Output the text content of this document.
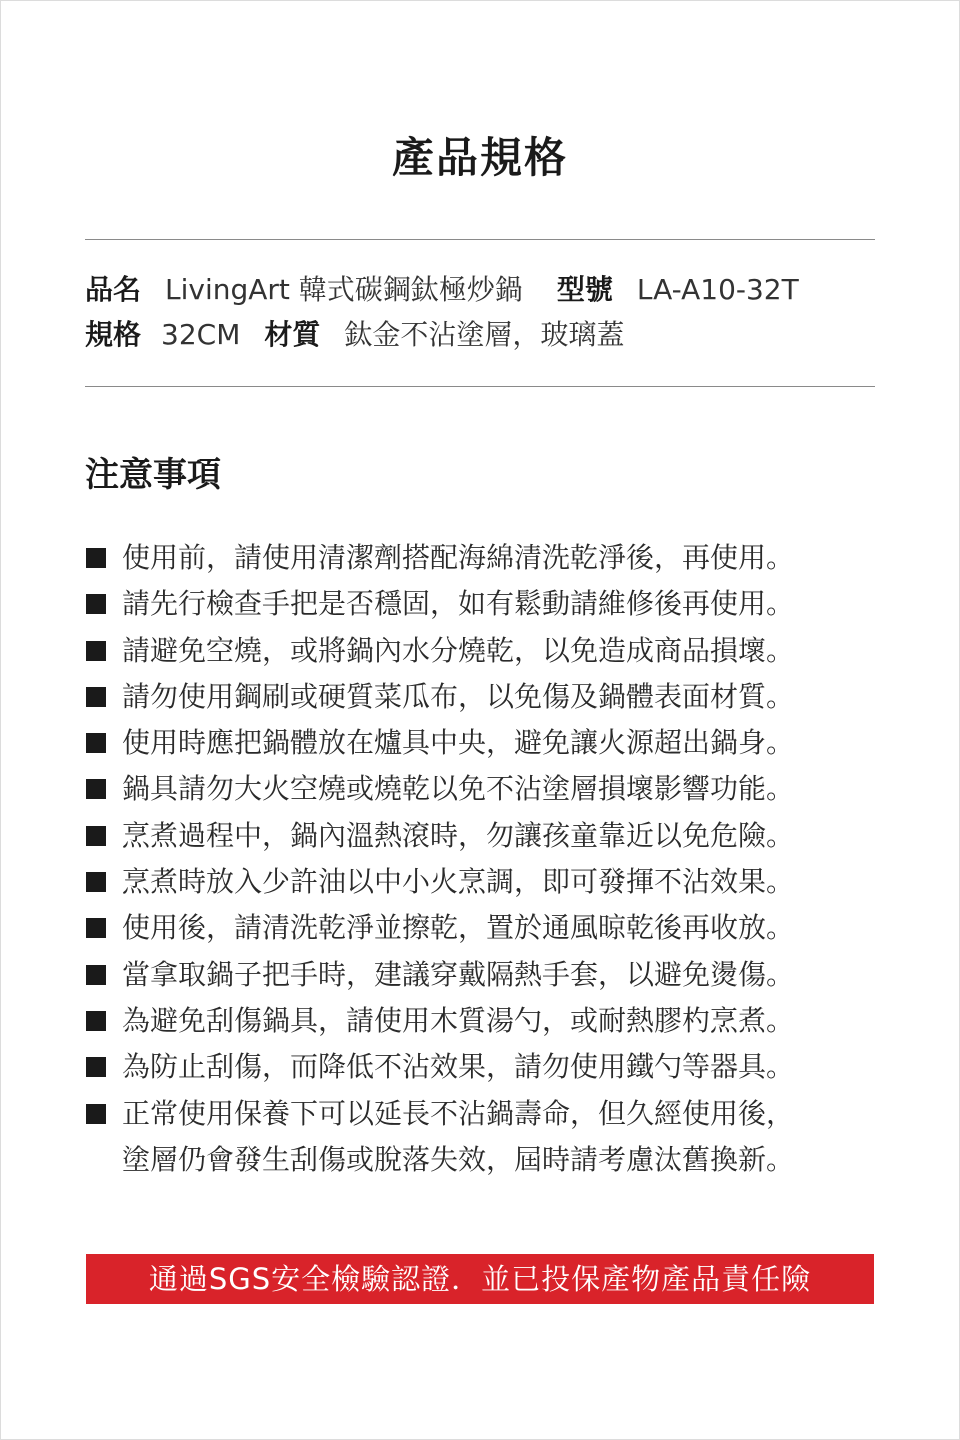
產品規格
品名 LivingArt 韓式碳鋼鈦極炒鍋 型號 LA-A10-32T
規格 32CM 材質 鈦金不沾塗層，玻璃蓋
注意事項
使用前，請使用清潔劑搭配海綿清洗乾淨後，再使用。
請先行檢查手把是否穩固，如有鬆動請維修後再使用。
請避免空燒，或將鍋內水分燒乾，以免造成商品損壞。
請勿使用鋼刷或硬質菜瓜布，以免傷及鍋體表面材質。
使用時應把鍋體放在爐具中央，避免讓火源超出鍋身。
鍋具請勿大火空燒或燒乾以免不沾塗層損壞影響功能。
烹煮過程中，鍋內溫熱滾時，勿讓孩童靠近以免危險。
烹煮時放入少許油以中小火烹調，即可發揮不沾效果。
使用後，請清洗乾淨並擦乾，置於通風晾乾後再收放。
當拿取鍋子把手時，建議穿戴隔熱手套，以避免燙傷。
為避免刮傷鍋具，請使用木質湯勺，或耐熱膠杓烹煮。
為防止刮傷，而降低不沾效果，請勿使用鐵勺等器具。
正常使用保養下可以延長不沾鍋壽命，但久經使用後，
塗層仍會發生刮傷或脫落失效，屆時請考慮汰舊換新。
通過SGS安全檢驗認證．並已投保產物產品責任險
